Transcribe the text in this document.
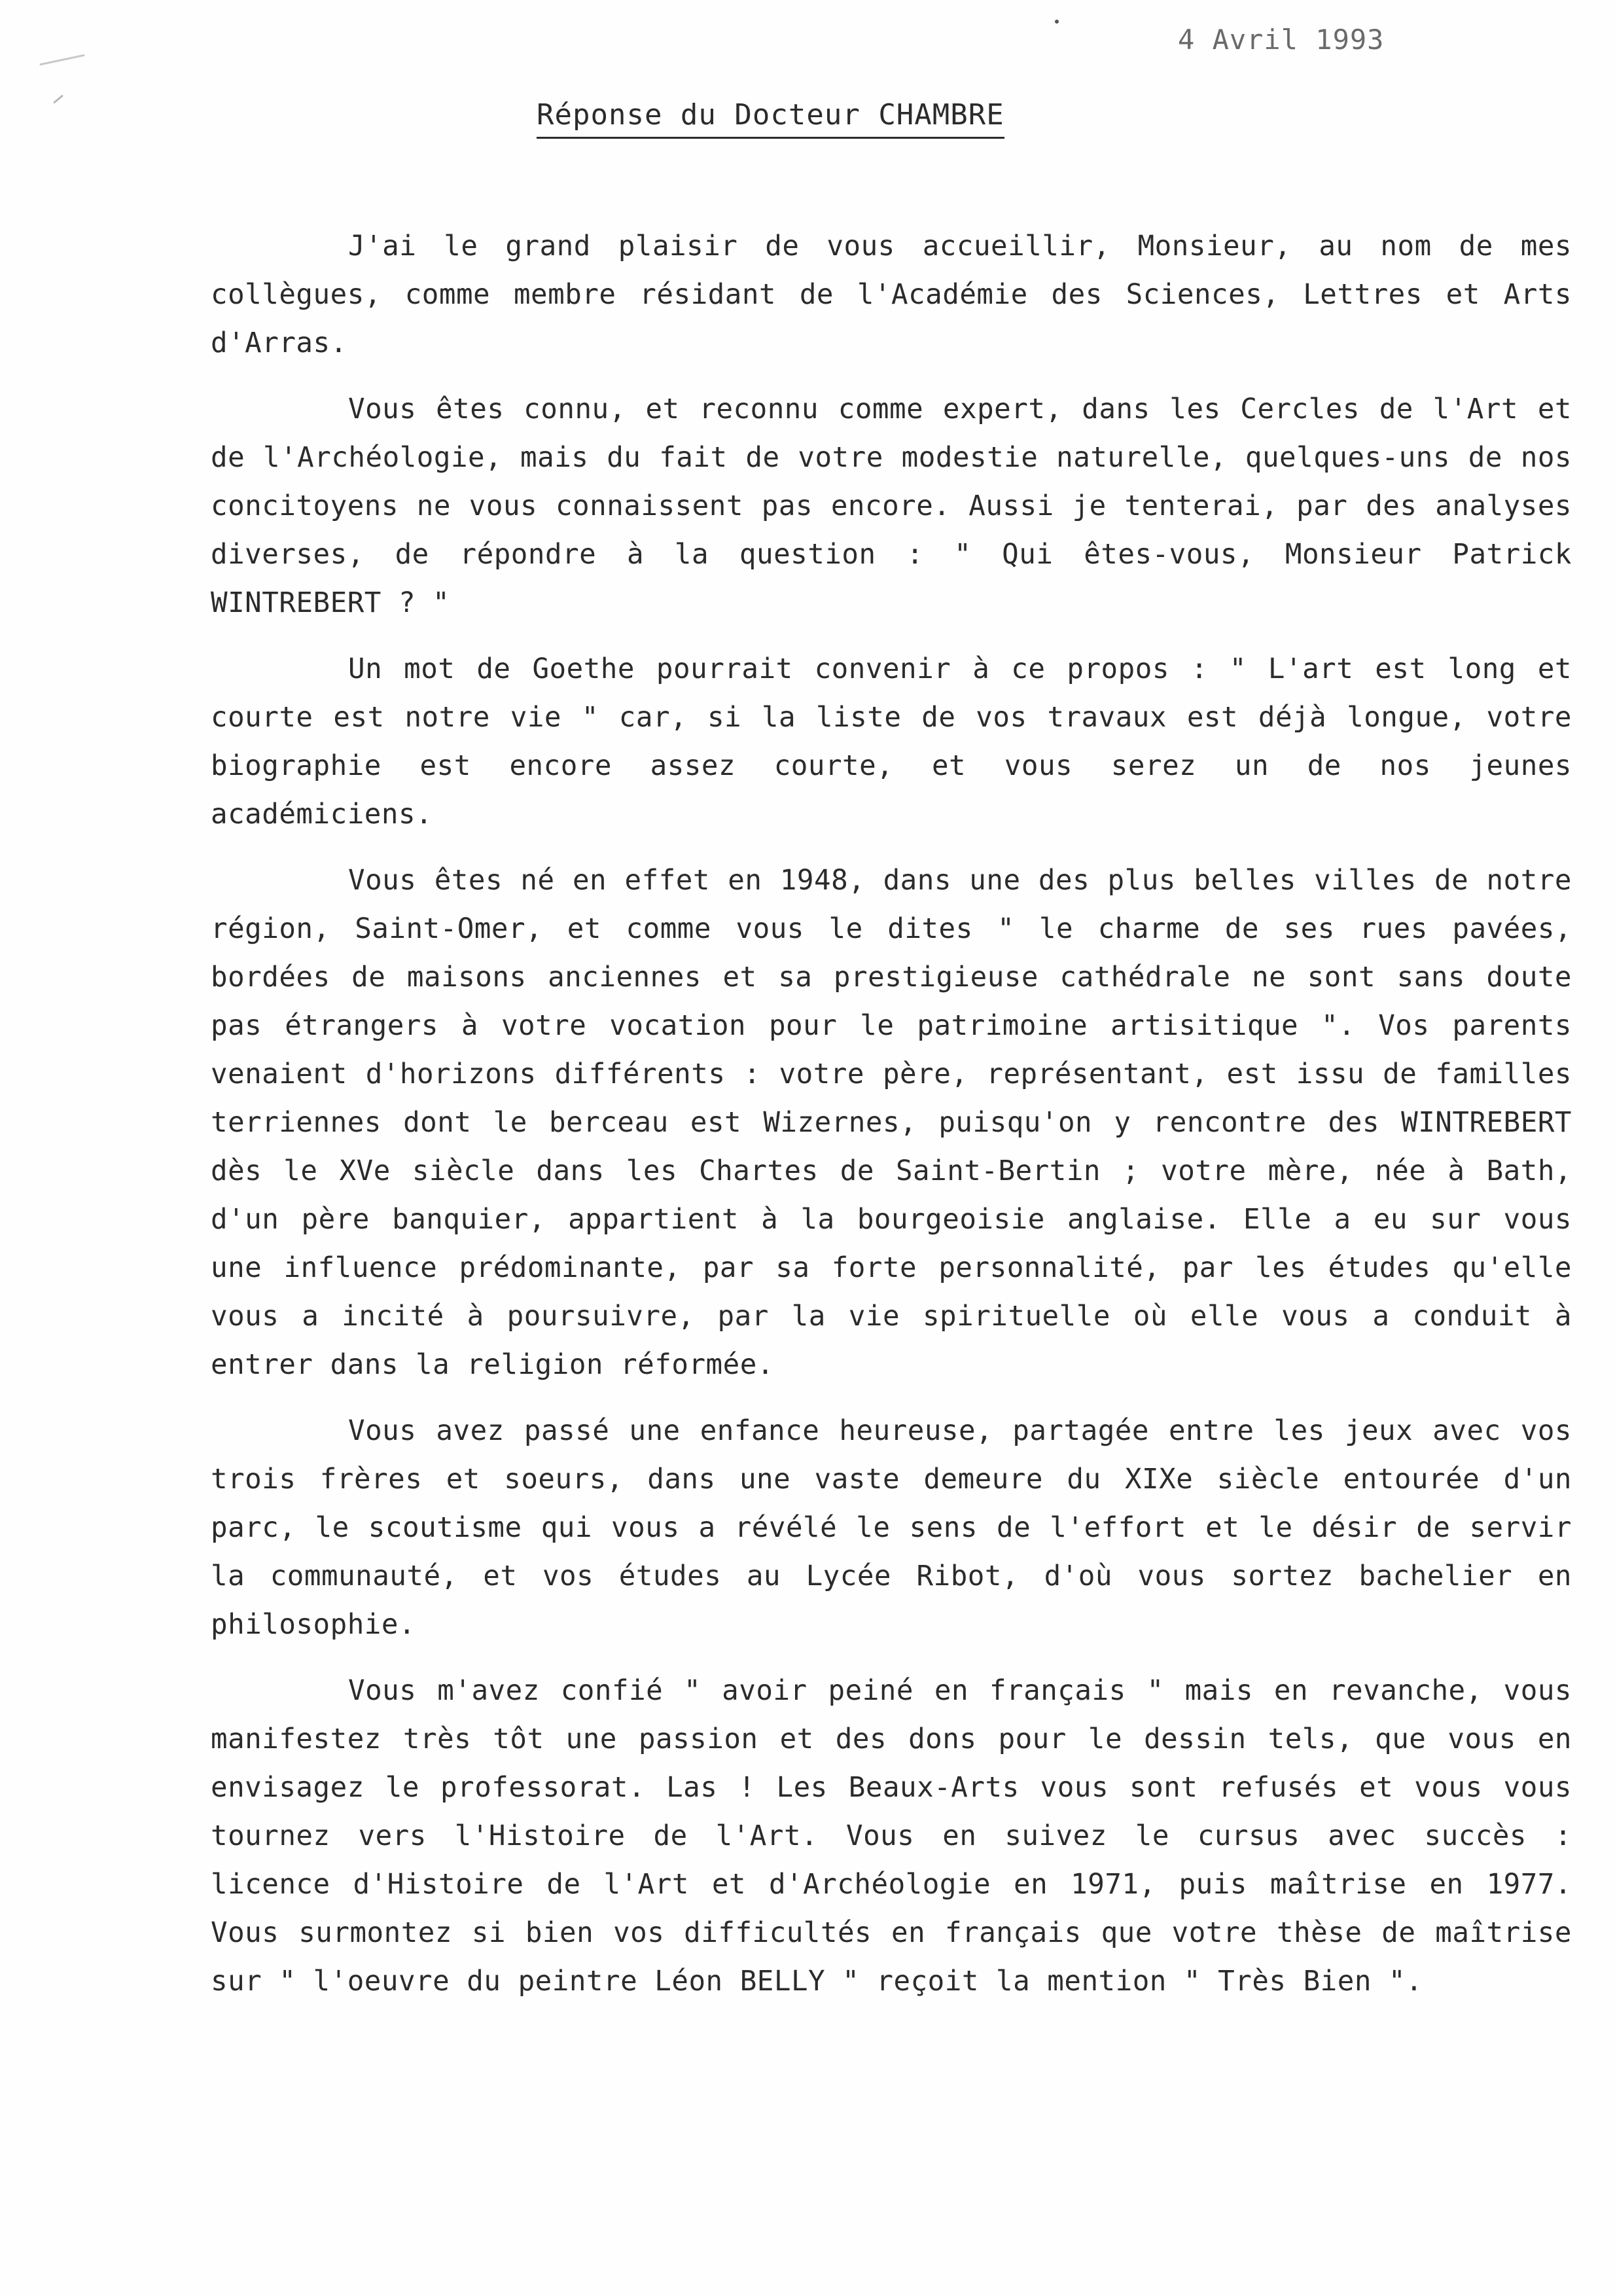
4 Avril 1993
Réponse du Docteur CHAMBRE

J'ai le grand plaisir de vous accueillir, Monsieur, au nom de mes collègues, comme membre résidant de l'Académie des Sciences, Lettres et Arts d'Arras.

Vous êtes connu, et reconnu comme expert, dans les Cercles de l'Art et de l'Archéologie, mais du fait de votre modestie naturelle, quelques-uns de nos concitoyens ne vous connaissent pas encore. Aussi je tenterai, par des analyses diverses, de répondre à la question : " Qui êtes-vous, Monsieur Patrick WINTREBERT ? "

Un mot de Goethe pourrait convenir à ce propos : " L'art est long et courte est notre vie " car, si la liste de vos travaux est déjà longue, votre biographie est encore assez courte, et vous serez un de nos jeunes académiciens.

Vous êtes né en effet en 1948, dans une des plus belles villes de notre région, Saint-Omer, et comme vous le dites " le charme de ses rues pavées, bordées de maisons anciennes et sa prestigieuse cathédrale ne sont sans doute pas étrangers à votre vocation pour le patrimoine artisitique ". Vos parents venaient d'horizons différents : votre père, représentant, est issu de familles terriennes dont le berceau est Wizernes, puisqu'on y rencontre des WINTREBERT dès le XVe siècle dans les Chartes de Saint-Bertin ; votre mère, née à Bath, d'un père banquier, appartient à la bourgeoisie anglaise. Elle a eu sur vous une influence prédominante, par sa forte personnalité, par les études qu'elle vous a incité à poursuivre, par la vie spirituelle où elle vous a conduit à entrer dans la religion réformée.

Vous avez passé une enfance heureuse, partagée entre les jeux avec vos trois frères et soeurs, dans une vaste demeure du XIXe siècle entourée d'un parc, le scoutisme qui vous a révélé le sens de l'effort et le désir de servir la communauté, et vos études au Lycée Ribot, d'où vous sortez bachelier en philosophie.

Vous m'avez confié " avoir peiné en français " mais en revanche, vous manifestez très tôt une passion et des dons pour le dessin tels, que vous en envisagez le professorat. Las ! Les Beaux-Arts vous sont refusés et vous vous tournez vers l'Histoire de l'Art. Vous en suivez le cursus avec succès : licence d'Histoire de l'Art et d'Archéologie en 1971, puis maîtrise en 1977. Vous surmontez si bien vos difficultés en français que votre thèse de maîtrise sur " l'oeuvre du peintre Léon BELLY " reçoit la mention " Très Bien ".
